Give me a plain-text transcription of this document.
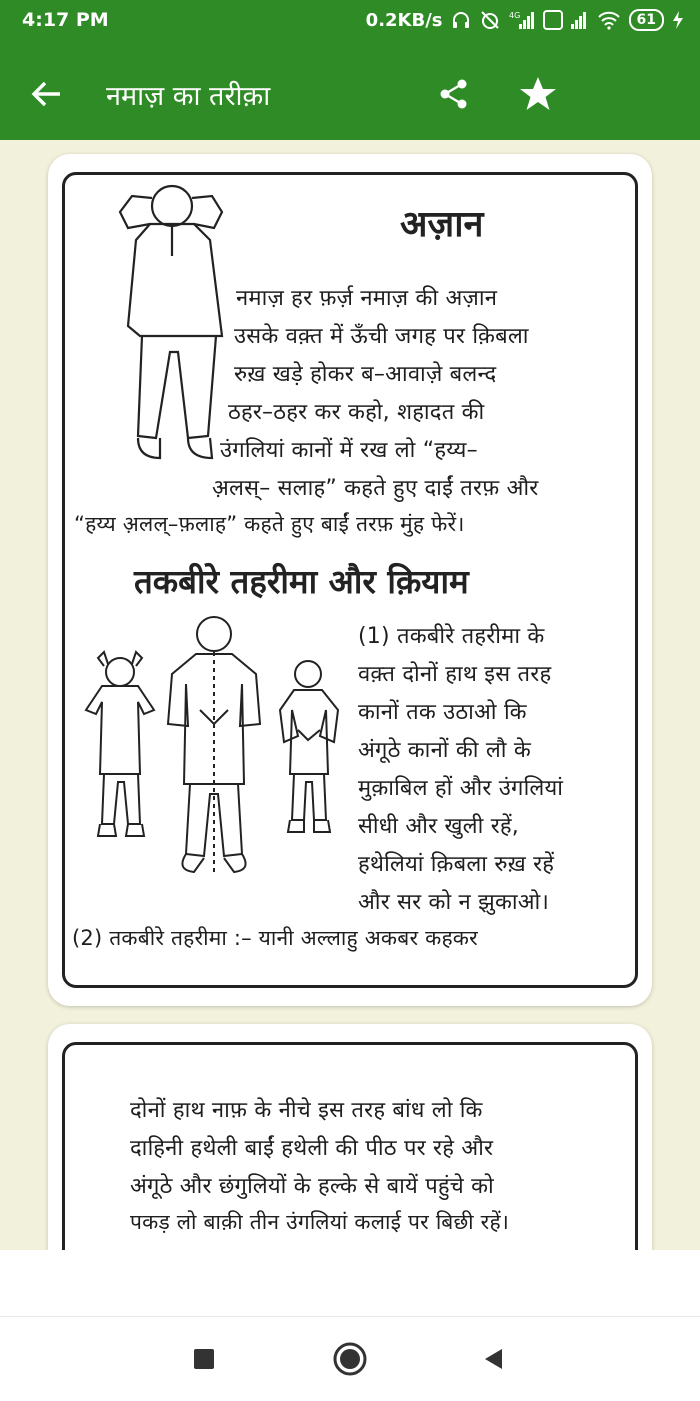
4:17 PM	0.2KB/s	4G	61
नमाज़ का तरीक़ा
अज़ान
नमाज़ हर फ़र्ज़ नमाज़ की अज़ान
उसके वक़्त में ऊँची जगह पर क़िबला
रुख़ खड़े होकर ब–आवाज़े बलन्द
ठहर–ठहर कर कहो, शहादत की
उंगलियां कानों में रख लो “हय्य–
अ़लस्– सलाह” कहते हुए दाईं तरफ़ और
“हय्य अ़लल्–फ़लाह” कहते हुए बाईं तरफ़ मुंह फेरें।
तकबीरे तहरीमा और क़ियाम
(1) तकबीरे तहरीमा के
वक़्त दोनों हाथ इस तरह
कानों तक उठाओ कि
अंगूठे कानों की लौ के
मुक़ाबिल हों और उंगलियां
सीधी और खुली रहें,
हथेलियां क़िबला रुख़ रहें
और सर को न झुकाओ।
(2) तकबीरे तहरीमा :– यानी अल्लाहु अकबर कहकर
दोनों हाथ नाफ़ के नीचे इस तरह बांध लो कि
दाहिनी हथेली बाईं हथेली की पीठ पर रहे और
अंगूठे और छंगुलियों के हल्के से बायें पहुंचे को
पकड़ लो बाक़ी तीन उंगलियां कलाई पर बिछी रहें।
